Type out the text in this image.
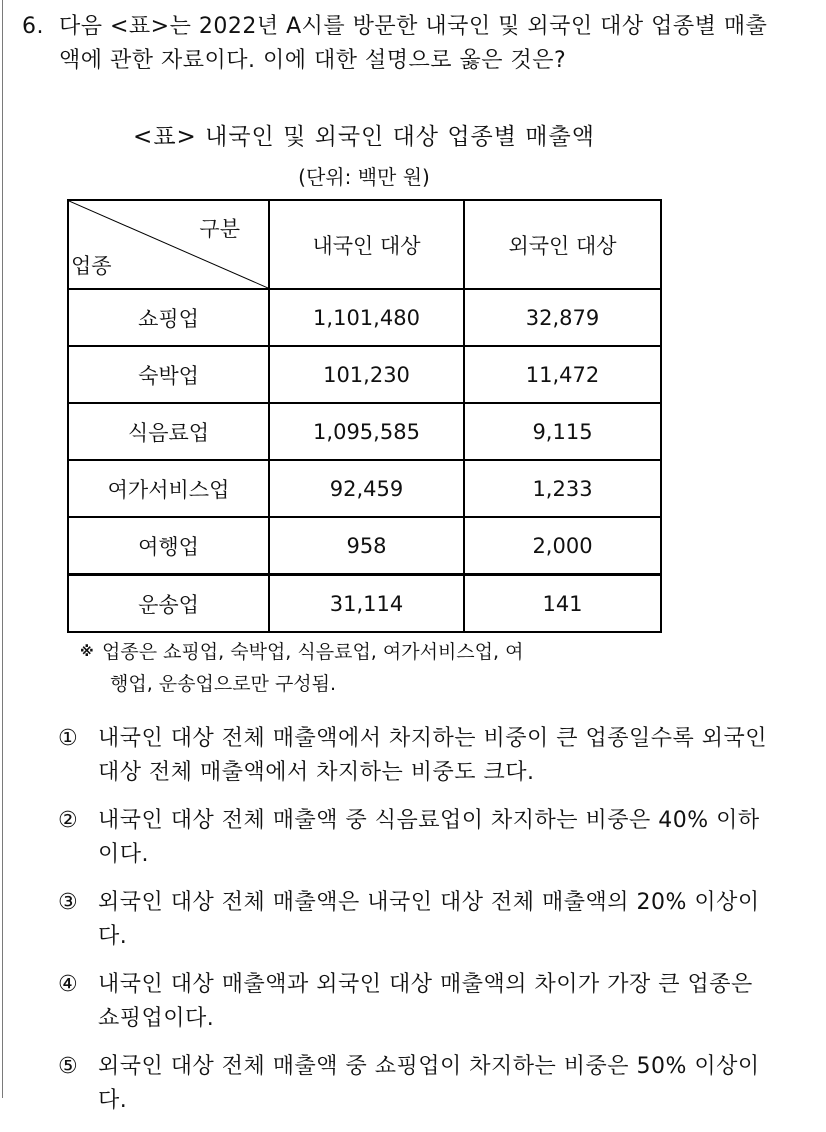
6. 다음 <표>는 2022년 A시를 방문한 내국인 및 외국인 대상 업종별 매출액에 관한 자료이다. 이에 대한 설명으로 옳은 것은?
<표> 내국인 및 외국인 대상 업종별 매출액
(단위: 백만 원)
구분
업종	내국인 대상	외국인 대상
쇼핑업	1,101,480	32,879
숙박업	101,230	11,472
식음료업	1,095,585	9,115
여가서비스업	92,459	1,233
여행업	958	2,000
운송업	31,114	141
※ 업종은 쇼핑업, 숙박업, 식음료업, 여가서비스업, 여
행업, 운송업으로만 구성됨.
① 내국인 대상 전체 매출액에서 차지하는 비중이 큰 업종일수록 외국인 대상 전체 매출액에서 차지하는 비중도 크다.
② 내국인 대상 전체 매출액 중 식음료업이 차지하는 비중은 40% 이하이다.
③ 외국인 대상 전체 매출액은 내국인 대상 전체 매출액의 20% 이상이다.
④ 내국인 대상 매출액과 외국인 대상 매출액의 차이가 가장 큰 업종은 쇼핑업이다.
⑤ 외국인 대상 전체 매출액 중 쇼핑업이 차지하는 비중은 50% 이상이다.
